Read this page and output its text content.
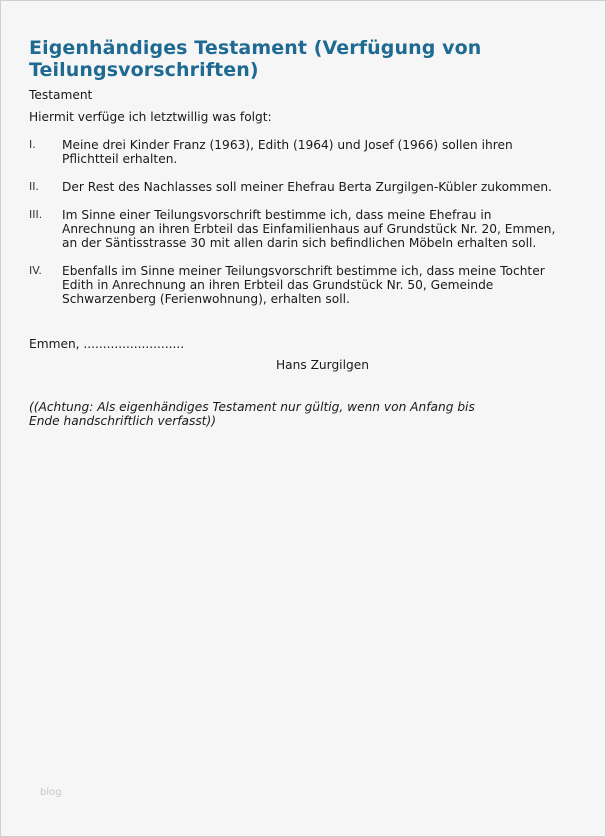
Eigenhändiges Testament (Verfügung von Teilungsvorschriften)

Testament

Hiermit verfüge ich letztwillig was folgt:

I.	Meine drei Kinder Franz (1963), Edith (1964) und Josef (1966) sollen ihren Pflichtteil erhalten.
II.	Der Rest des Nachlasses soll meiner Ehefrau Berta Zurgilgen-Kübler zukommen.
III.	Im Sinne einer Teilungsvorschrift bestimme ich, dass meine Ehefrau in Anrechnung an ihren Erbteil das Einfamilienhaus auf Grundstück Nr. 20, Emmen, an der Säntisstrasse 30 mit allen darin sich befindlichen Möbeln erhalten soll.
IV.	Ebenfalls im Sinne meiner Teilungsvorschrift bestimme ich, dass meine Tochter Edith in Anrechnung an ihren Erbteil das Grundstück Nr. 50, Gemeinde Schwarzenberg (Ferienwohnung), erhalten soll.
Emmen, ..........................
Hans Zurgilgen
((Achtung: Als eigenhändiges Testament nur gültig, wenn von Anfang bis Ende handschriftlich verfasst))
blog
